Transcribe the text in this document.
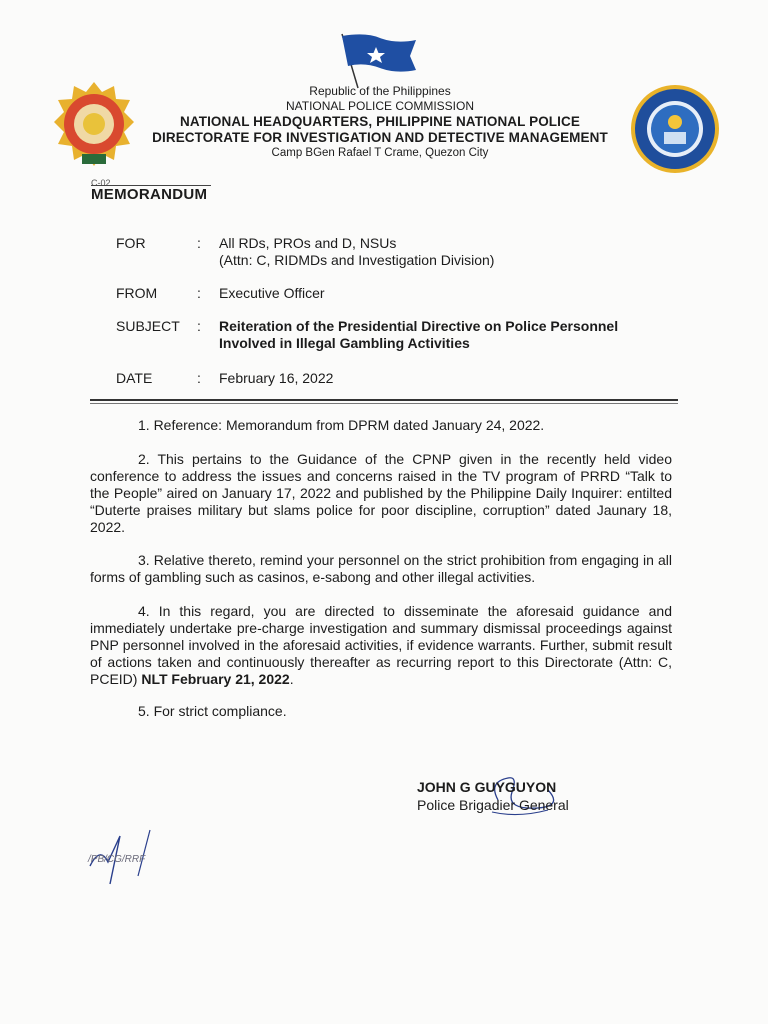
Republic of the Philippines
NATIONAL POLICE COMMISSION
NATIONAL HEADQUARTERS, PHILIPPINE NATIONAL POLICE
DIRECTORATE FOR INVESTIGATION AND DETECTIVE MANAGEMENT
Camp BGen Rafael T Crame, Quezon City
C-02
MEMORANDUM
FOR	: All RDs, PROs and D, NSUs
(Attn: C, RIDMDs and Investigation Division)
FROM	: Executive Officer
SUBJECT : Reiteration of the Presidential Directive on Police Personnel
Involved in Illegal Gambling Activities
DATE	: February 16, 2022
1. Reference: Memorandum from DPRM dated January 24, 2022.
2. This pertains to the Guidance of the CPNP given in the recently held video conference to address the issues and concerns raised in the TV program of PRRD “Talk to the People” aired on January 17, 2022 and published by the Philippine Daily Inquirer: entilted “Duterte praises military but slams police for poor discipline, corruption” dated Jaunary 18, 2022.
3. Relative thereto, remind your personnel on the strict prohibition from engaging in all forms of gambling such as casinos, e-sabong and other illegal activities.
4. In this regard, you are directed to disseminate the aforesaid guidance and immediately undertake pre-charge investigation and summary dismissal proceedings against PNP personnel involved in the aforesaid activities, if evidence warrants. Further, submit result of actions taken and continuously thereafter as recurring report to this Directorate (Attn: C, PCEID) NLT February 21, 2022.
5. For strict compliance.
JOHN G GUYGUYON
Police Brigadier General
/PB/CG/RRF
